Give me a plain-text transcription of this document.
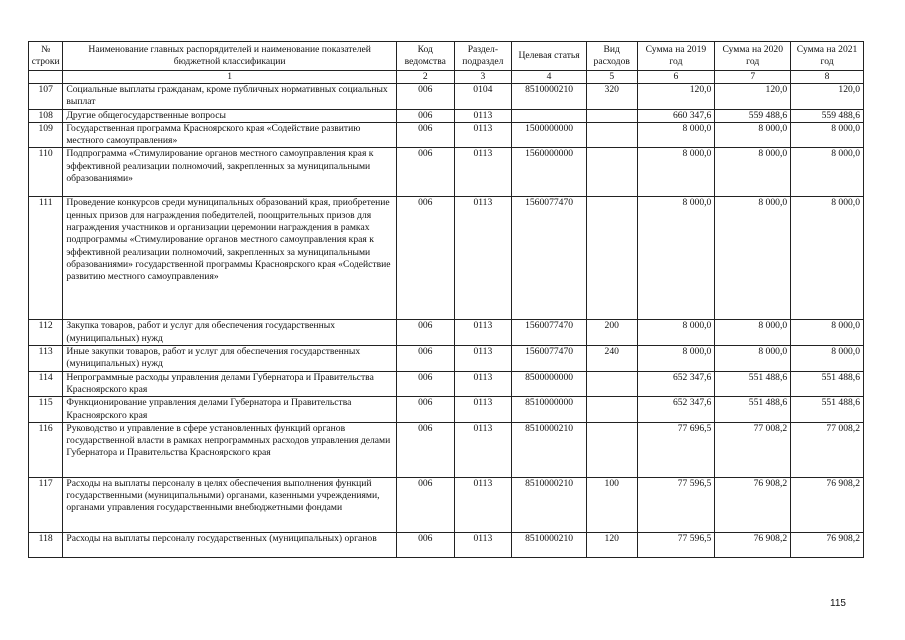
№ строки	Наименование главных распорядителей и наименование показателей бюджетной классификации	Код ведомства	Раздел-подраздел	Целевая статья	Вид расходов	Сумма на 2019 год	Сумма на 2020 год	Сумма на 2021 год
	1	2	3	4	5	6	7	8
107	Социальные выплаты гражданам, кроме публичных нормативных социальных выплат	006	0104	8510000210	320	120,0	120,0	120,0
108	Другие общегосударственные вопросы	006	0113			660 347,6	559 488,6	559 488,6
109	Государственная программа Красноярского края «Содействие развитию местного самоуправления»	006	0113	1500000000		8 000,0	8 000,0	8 000,0
110	Подпрограмма «Стимулирование органов местного самоуправления края к эффективной реализации полномочий, закрепленных за муниципальными образованиями»	006	0113	1560000000		8 000,0	8 000,0	8 000,0
111	Проведение конкурсов среди муниципальных образований края, приобретение ценных призов для награждения победителей, поощрительных призов для награждения участников и организации церемонии награждения в рамках подпрограммы «Стимулирование органов местного самоуправления края к эффективной реализации полномочий, закрепленных за муниципальными образованиями» государственной программы Красноярского края «Содействие развитию местного самоуправления»	006	0113	1560077470		8 000,0	8 000,0	8 000,0
112	Закупка товаров, работ и услуг для обеспечения государственных (муниципальных) нужд	006	0113	1560077470	200	8 000,0	8 000,0	8 000,0
113	Иные закупки товаров, работ и услуг для обеспечения государственных (муниципальных) нужд	006	0113	1560077470	240	8 000,0	8 000,0	8 000,0
114	Непрограммные расходы управления делами Губернатора и Правительства Красноярского края	006	0113	8500000000		652 347,6	551 488,6	551 488,6
115	Функционирование управления делами Губернатора и Правительства Красноярского края	006	0113	8510000000		652 347,6	551 488,6	551 488,6
116	Руководство и управление в сфере установленных функций органов государственной власти в рамках непрограммных расходов управления делами Губернатора и Правительства Красноярского края	006	0113	8510000210		77 696,5	77 008,2	77 008,2
117	Расходы на выплаты персоналу в целях обеспечения выполнения функций государственными (муниципальными) органами, казенными учреждениями, органами управления государственными внебюджетными фондами	006	0113	8510000210	100	77 596,5	76 908,2	76 908,2
118	Расходы на выплаты персоналу государственных (муниципальных) органов	006	0113	8510000210	120	77 596,5	76 908,2	76 908,2
115
